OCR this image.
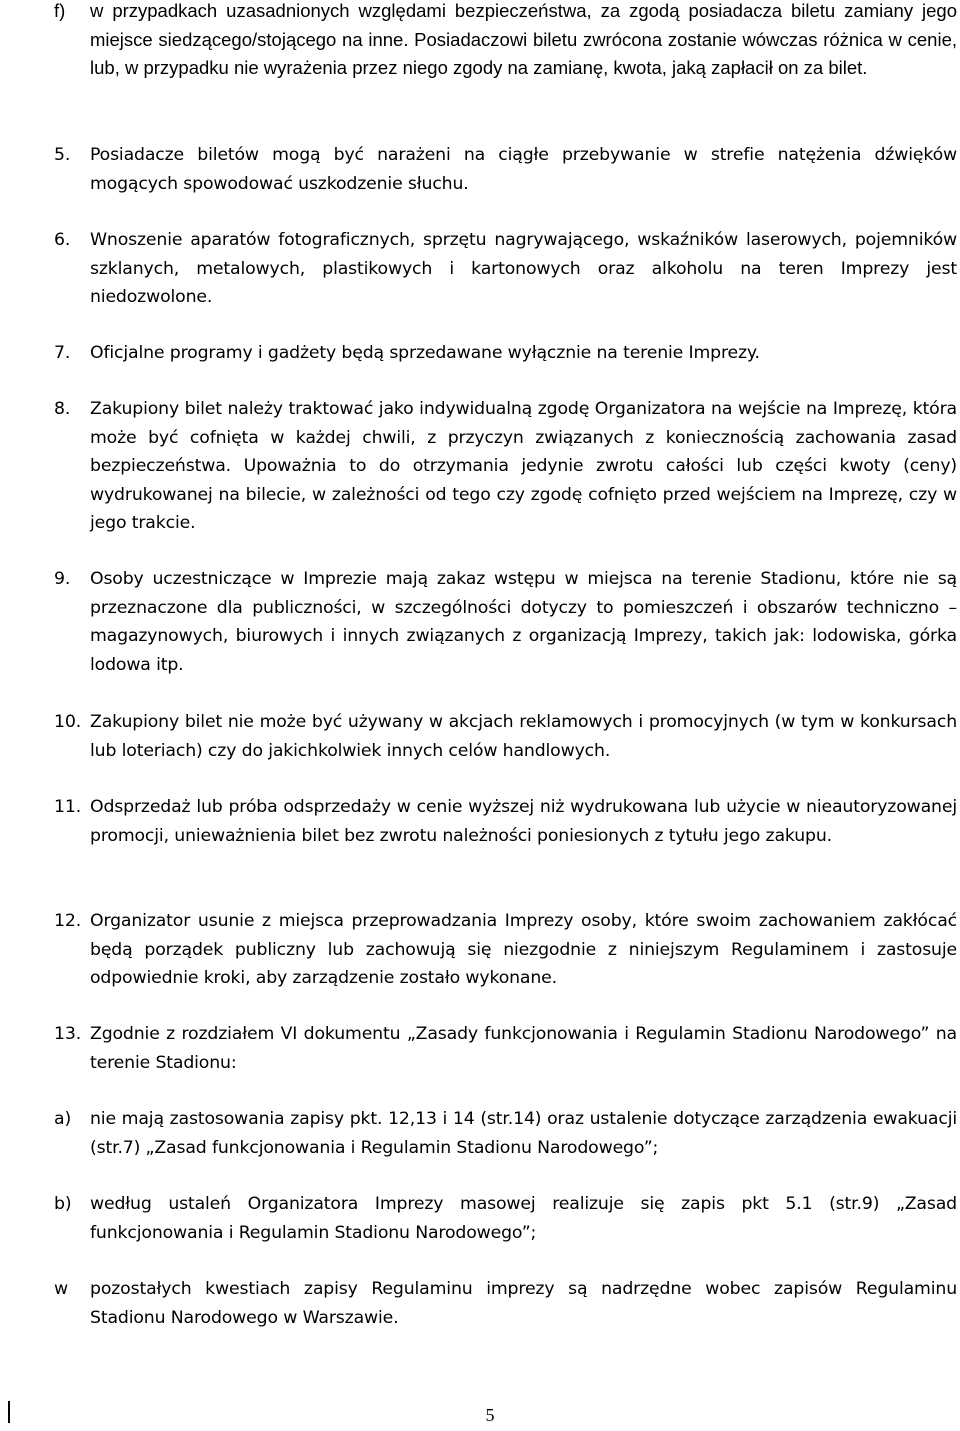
f)	w przypadkach uzasadnionych względami bezpieczeństwa, za zgodą posiadacza biletu zamiany jego miejsce siedzącego/stojącego na inne. Posiadaczowi biletu zwrócona zostanie wówczas różnica w cenie, lub, w przypadku nie wyrażenia przez niego zgody na zamianę, kwota, jaką zapłacił on za bilet.
5.	Posiadacze biletów mogą być narażeni na ciągłe przebywanie w strefie natężenia dźwięków mogących spowodować uszkodzenie słuchu.
6.	Wnoszenie aparatów fotograficznych, sprzętu nagrywającego, wskaźników laserowych, pojemników szklanych, metalowych, plastikowych i kartonowych oraz alkoholu na teren Imprezy jest niedozwolone.
7.	Oficjalne programy i gadżety będą sprzedawane wyłącznie na terenie Imprezy.
8.	Zakupiony bilet należy traktować jako indywidualną zgodę Organizatora na wejście na Imprezę, która może być cofnięta w każdej chwili, z przyczyn związanych z koniecznością zachowania zasad bezpieczeństwa. Upoważnia to do otrzymania jedynie zwrotu całości lub części kwoty (ceny) wydrukowanej na bilecie, w zależności od tego czy zgodę cofnięto przed wejściem na Imprezę, czy w jego trakcie.
9.	Osoby uczestniczące w Imprezie mają zakaz wstępu w miejsca na terenie Stadionu, które nie są przeznaczone dla publiczności, w szczególności dotyczy to pomieszczeń i obszarów techniczno – magazynowych, biurowych i innych związanych z organizacją Imprezy, takich jak: lodowiska, górka lodowa itp.
10. Zakupiony bilet nie może być używany w akcjach reklamowych i promocyjnych (w tym w konkursach lub loteriach) czy do jakichkolwiek innych celów handlowych.
11. Odsprzedaż lub próba odsprzedaży w cenie wyższej niż wydrukowana lub użycie w nieautoryzowanej promocji, unieważnienia bilet bez zwrotu należności poniesionych z tytułu jego zakupu.
12. Organizator usunie z miejsca przeprowadzania Imprezy osoby, które swoim zachowaniem zakłócać będą porządek publiczny lub zachowują się niezgodnie z niniejszym Regulaminem i zastosuje odpowiednie kroki, aby zarządzenie zostało wykonane.
13. Zgodnie z rozdziałem VI dokumentu „Zasady funkcjonowania i Regulamin Stadionu Narodowego” na terenie Stadionu:
a)	nie mają zastosowania zapisy pkt. 12,13 i 14 (str.14) oraz ustalenie dotyczące zarządzenia ewakuacji (str.7) „Zasad funkcjonowania i Regulamin Stadionu Narodowego”;
b)	według ustaleń Organizatora Imprezy masowej realizuje się zapis pkt 5.1 (str.9) „Zasad funkcjonowania i Regulamin Stadionu Narodowego”;
w	pozostałych kwestiach zapisy Regulaminu imprezy są nadrzędne wobec zapisów Regulaminu Stadionu Narodowego w Warszawie.
5
